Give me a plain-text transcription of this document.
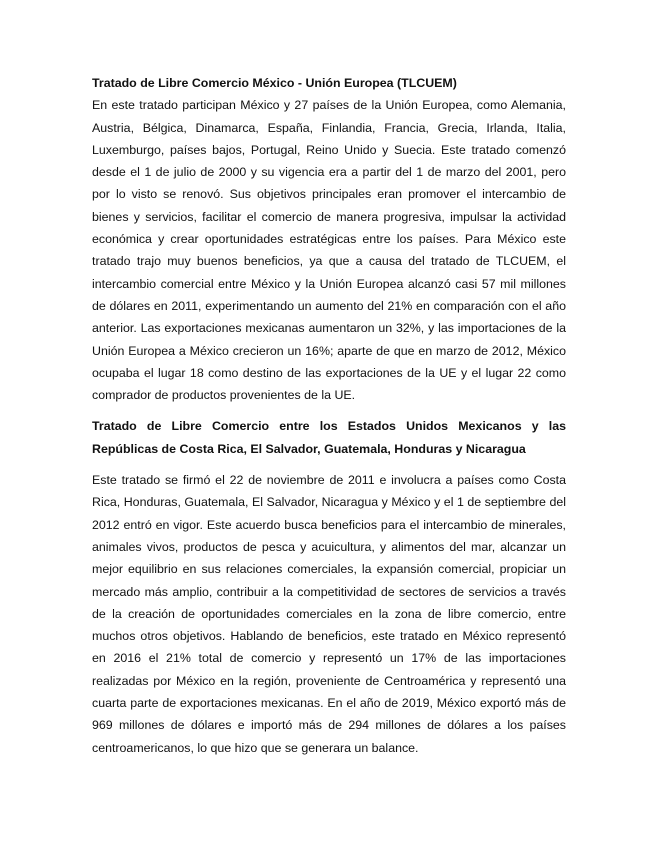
Tratado de Libre Comercio México - Unión Europea (TLCUEM)

En este tratado participan México y 27 países de la Unión Europea, como Alemania, Austria, Bélgica, Dinamarca, España, Finlandia, Francia, Grecia, Irlanda, Italia, Luxemburgo, países bajos, Portugal, Reino Unido y Suecia. Este tratado comenzó desde el 1 de julio de 2000 y su vigencia era a partir del 1 de marzo del 2001, pero por lo visto se renovó. Sus objetivos principales eran promover el intercambio de bienes y servicios, facilitar el comercio de manera progresiva, impulsar la actividad económica y crear oportunidades estratégicas entre los países. Para México este tratado trajo muy buenos beneficios, ya que a causa del tratado de TLCUEM, el intercambio comercial entre México y la Unión Europea alcanzó casi 57 mil millones de dólares en 2011, experimentando un aumento del 21% en comparación con el año anterior. Las exportaciones mexicanas aumentaron un 32%, y las importaciones de la Unión Europea a México crecieron un 16%; aparte de que en marzo de 2012, México ocupaba el lugar 18 como destino de las exportaciones de la UE y el lugar 22 como comprador de productos provenientes de la UE.

Tratado de Libre Comercio entre los Estados Unidos Mexicanos y las Repúblicas de Costa Rica, El Salvador, Guatemala, Honduras y Nicaragua

Este tratado se firmó el 22 de noviembre de 2011 e involucra a países como Costa Rica, Honduras, Guatemala, El Salvador, Nicaragua y México y el 1 de septiembre del 2012 entró en vigor. Este acuerdo busca beneficios para el intercambio de minerales, animales vivos, productos de pesca y acuicultura, y alimentos del mar, alcanzar un mejor equilibrio en sus relaciones comerciales, la expansión comercial, propiciar un mercado más amplio, contribuir a la competitividad de sectores de servicios a través de la creación de oportunidades comerciales en la zona de libre comercio, entre muchos otros objetivos. Hablando de beneficios, este tratado en México representó en 2016 el 21% total de comercio y representó un 17% de las importaciones realizadas por México en la región, proveniente de Centroamérica y representó una cuarta parte de exportaciones mexicanas. En el año de 2019, México exportó más de 969 millones de dólares e importó más de 294 millones de dólares a los países centroamericanos, lo que hizo que se generara un balance.
